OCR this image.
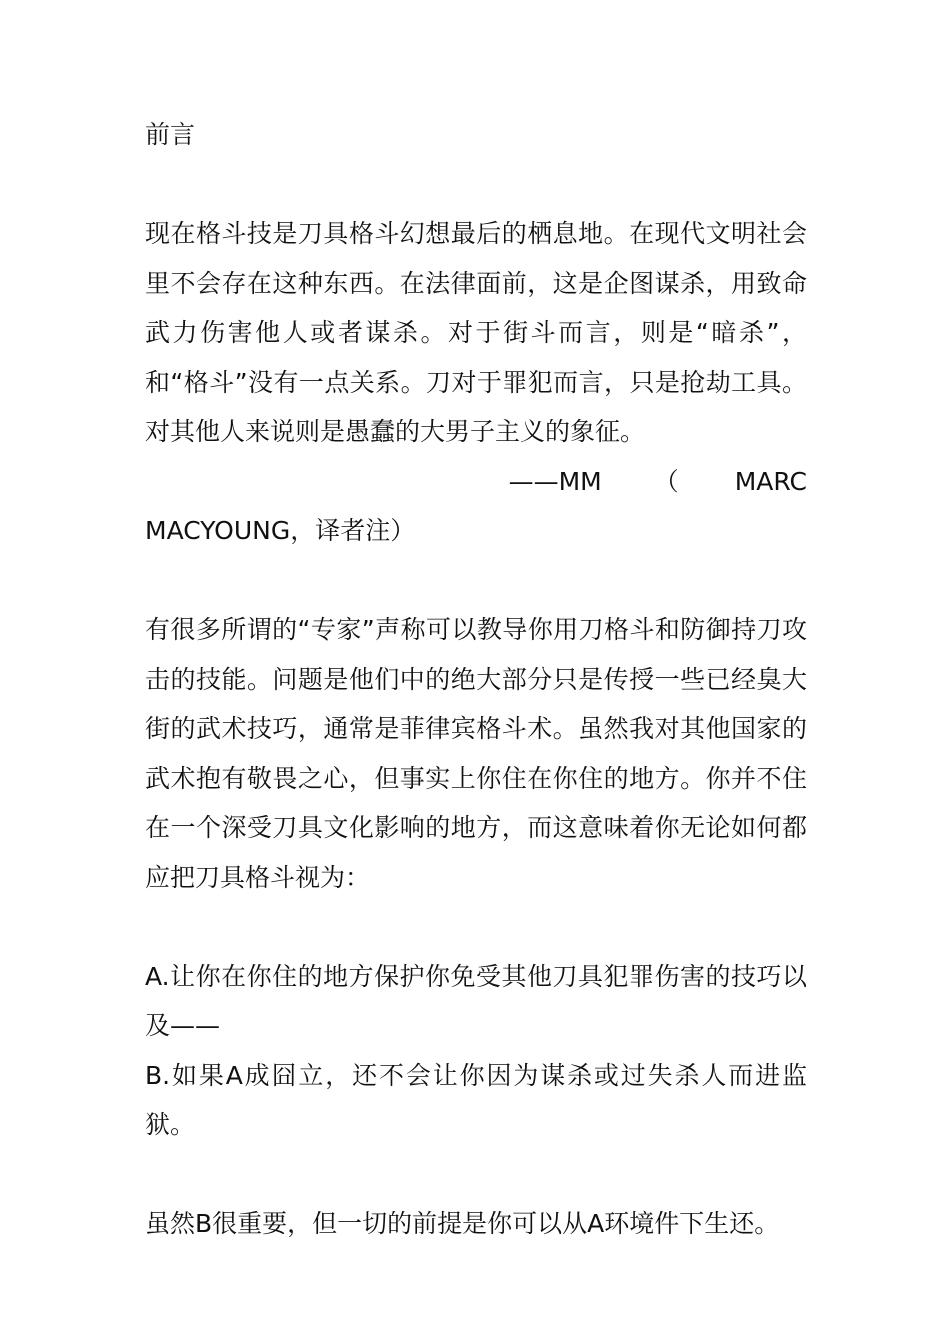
前言

现在格斗技是刀具格斗幻想最后的栖息地。在现代文明社会里不会存在这种东西。在法律面前，这是企图谋杀，用致命武力伤害他人或者谋杀。对于街斗而言，则是“暗杀”，和“格斗”没有一点关系。刀对于罪犯而言，只是抢劫工具。对其他人来说则是愚蠢的大男子主义的象征。

——MM （ MARC

MACYOUNG，译者注）

有很多所谓的“专家”声称可以教导你用刀格斗和防御持刀攻击的技能。问题是他们中的绝大部分只是传授一些已经臭大街的武术技巧，通常是菲律宾格斗术。虽然我对其他国家的武术抱有敬畏之心，但事实上你住在你住的地方。你并不住在一个深受刀具文化影响的地方，而这意味着你无论如何都应把刀具格斗视为：

A.让你在你住的地方保护你免受其他刀具犯罪伤害的技巧以及——

B.如果A成囧立，还不会让你因为谋杀或过失杀人而进监狱。

虽然B很重要，但一切的前提是你可以从A环境件下生还。
